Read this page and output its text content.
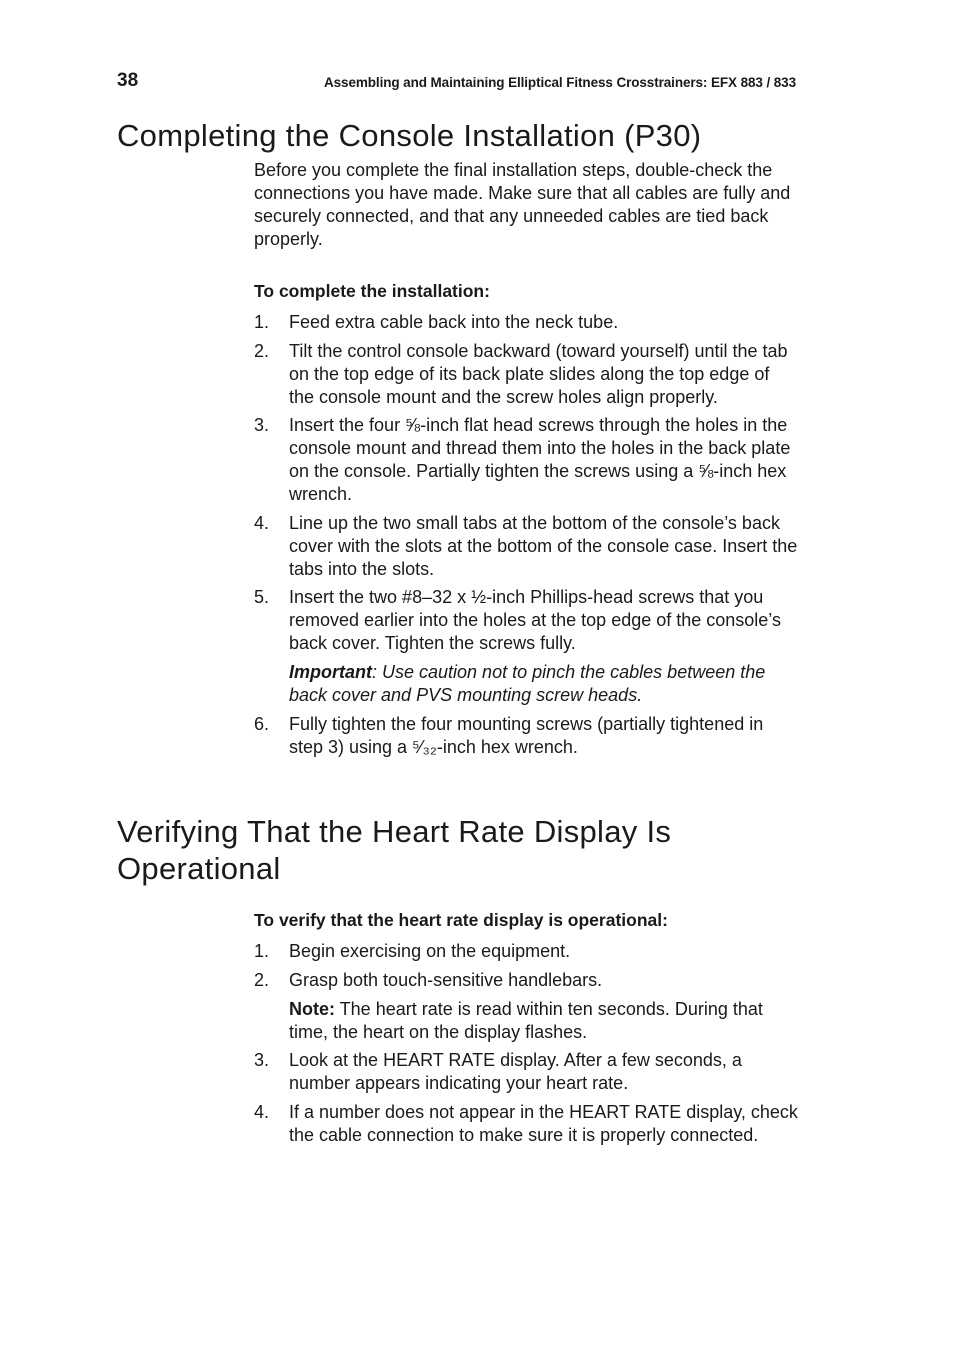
38	Assembling and Maintaining Elliptical Fitness Crosstrainers: EFX 883 / 833
Completing the Console Installation (P30)

Before you complete the final installation steps, double-check the connections you have made. Make sure that all cables are fully and securely connected, and that any unneeded cables are tied back properly.

To complete the installation:
1. Feed extra cable back into the neck tube.
2. Tilt the control console backward (toward yourself) until the tab on the top edge of its back plate slides along the top edge of the console mount and the screw holes align properly.
3. Insert the four ⅝-inch flat head screws through the holes in the console mount and thread them into the holes in the back plate on the console. Partially tighten the screws using a ⅝-inch hex wrench.
4. Line up the two small tabs at the bottom of the console’s back cover with the slots at the bottom of the console case. Insert the tabs into the slots.
5. Insert the two #8–32 x ½-inch Phillips-head screws that you removed earlier into the holes at the top edge of the console’s back cover. Tighten the screws fully.
Important: Use caution not to pinch the cables between the back cover and PVS mounting screw heads.
6. Fully tighten the four mounting screws (partially tightened in step 3) using a ⁵⁄₃₂-inch hex wrench.
Verifying That the Heart Rate Display Is Operational
To verify that the heart rate display is operational:
1. Begin exercising on the equipment.
2. Grasp both touch-sensitive handlebars.
Note: The heart rate is read within ten seconds. During that time, the heart on the display flashes.
3. Look at the HEART RATE display. After a few seconds, a number appears indicating your heart rate.
4. If a number does not appear in the HEART RATE display, check the cable connection to make sure it is properly connected.
